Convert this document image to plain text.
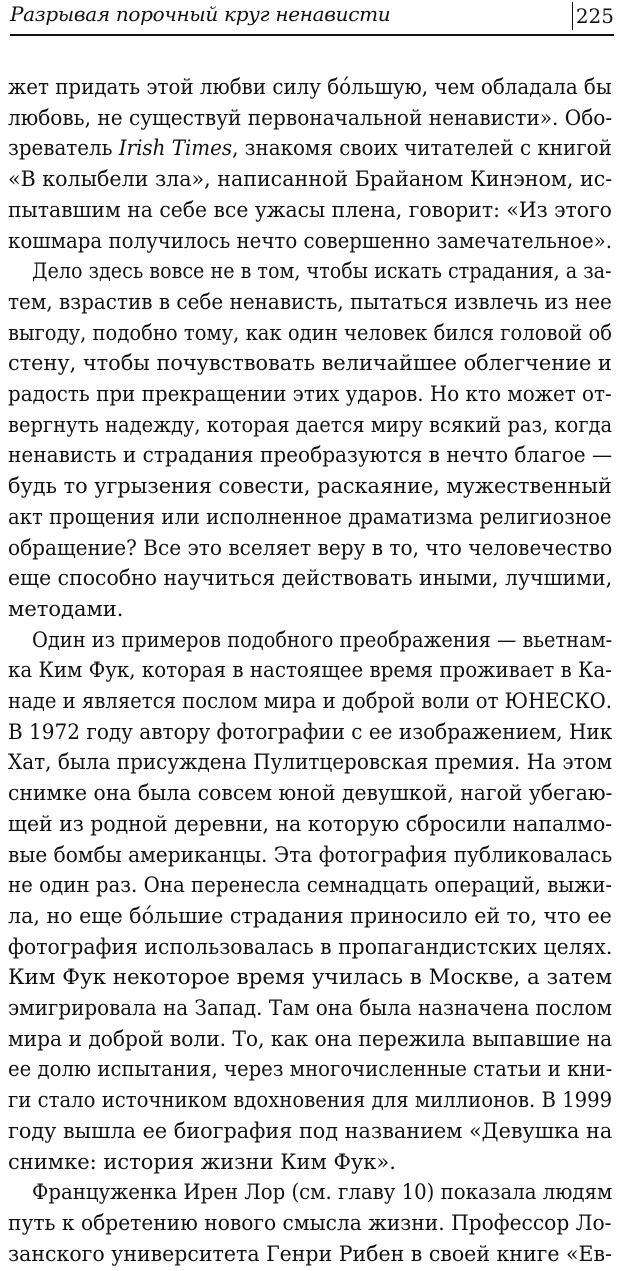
Разрывая порочный круг ненависти	225
жет придать этой любви силу бо́льшую, чем обладала бы
любовь, не существуй первоначальной ненависти». Обо-
зреватель Irish Times, знакомя своих читателей с книгой
«В колыбели зла», написанной Брайаном Кинэном, ис-
пытавшим на себе все ужасы плена, говорит: «Из этого
кошмара получилось нечто совершенно замечательное».
Дело здесь вовсе не в том, чтобы искать страдания, а за-
тем, взрастив в себе ненависть, пытаться извлечь из нее
выгоду, подобно тому, как один человек бился головой об
стену, чтобы почувствовать величайшее облегчение и
радость при прекращении этих ударов. Но кто может от-
вергнуть надежду, которая дается миру всякий раз, когда
ненависть и страдания преобразуются в нечто благое —
будь то угрызения совести, раскаяние, мужественный
акт прощения или исполненное драматизма религиозное
обращение? Все это вселяет веру в то, что человечество
еще способно научиться действовать иными, лучшими,
методами.
Один из примеров подобного преображения — вьетнам-
ка Ким Фук, которая в настоящее время проживает в Ка-
наде и является послом мира и доброй воли от ЮНЕСКО.
В 1972 году автору фотографии с ее изображением, Ник
Хат, была присуждена Пулитцеровская премия. На этом
снимке она была совсем юной девушкой, нагой убегаю-
щей из родной деревни, на которую сбросили напалмо-
вые бомбы американцы. Эта фотография публиковалась
не один раз. Она перенесла семнадцать операций, выжи-
ла, но еще бо́льшие страдания приносило ей то, что ее
фотография использовалась в пропагандистских целях.
Ким Фук некоторое время училась в Москве, а затем
эмигрировала на Запад. Там она была назначена послом
мира и доброй воли. То, как она пережила выпавшие на
ее долю испытания, через многочисленные статьи и кни-
ги стало источником вдохновения для миллионов. В 1999
году вышла ее биография под названием «Девушка на
снимке: история жизни Ким Фук».
Француженка Ирен Лор (см. главу 10) показала людям
путь к обретению нового смысла жизни. Профессор Ло-
занского университета Генри Рибен в своей книге «Ев-
